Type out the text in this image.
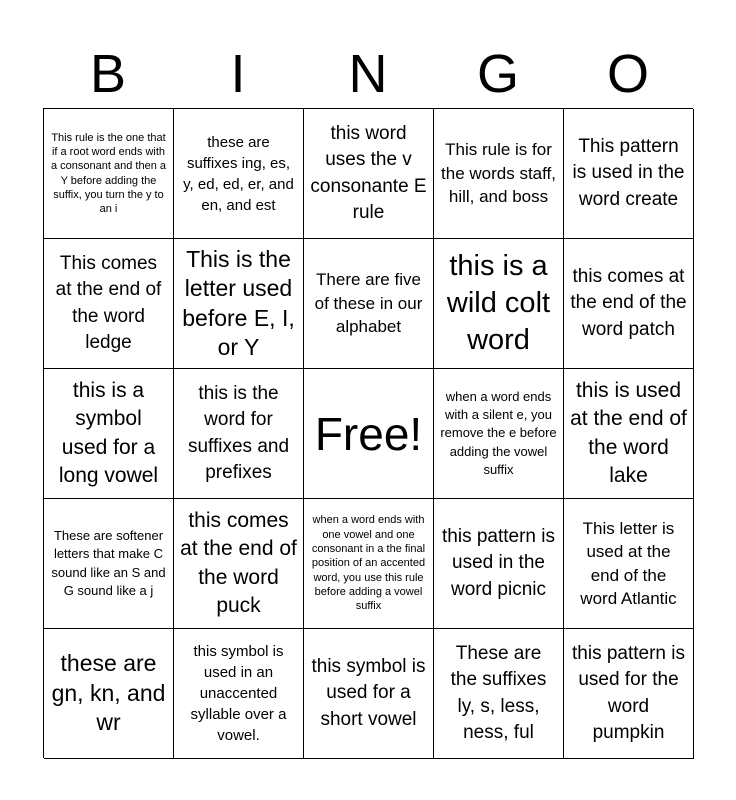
B	I	N	G	O
This rule is the one that if a root word ends with a consonant and then a Y before adding the suffix, you turn the y to an i
these are suffixes ing, es, y, ed, ed, er, and en, and est
this word uses the v consonante E rule
This rule is for the words staff, hill, and boss
This pattern is used in the word create
This comes at the end of the word ledge
This is the letter used before E, I, or Y
There are five of these in our alphabet
this is a wild colt word
this comes at the end of the word patch
this is a symbol used for a long vowel
this is the word for suffixes and prefixes
Free!
when a word ends with a silent e, you remove the e before adding the vowel suffix
this is used at the end of the word lake
These are softener letters that make C sound like an S and G sound like a j
this comes at the end of the word puck
when a word ends with one vowel and one consonant in a the final position of an accented word, you use this rule before adding a vowel suffix
this pattern is used in the word picnic
This letter is used at the end of the word Atlantic
these are gn, kn, and wr
this symbol is used in an unaccented syllable over a vowel.
this symbol is used for a short vowel
These are the suffixes ly, s, less, ness, ful
this pattern is used for the word pumpkin
